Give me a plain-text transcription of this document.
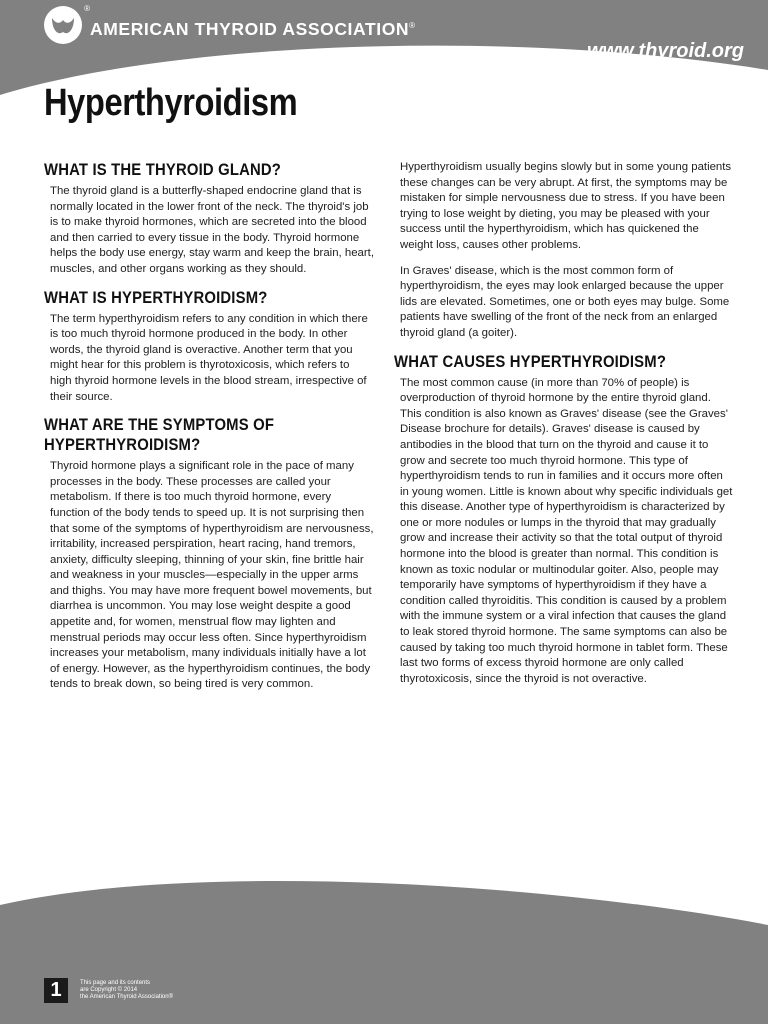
®
AMERICAN THYROID ASSOCIATION®
www.thyroid.org
Hyperthyroidism
WHAT IS THE THYROID GLAND?

The thyroid gland is a butterfly-shaped endocrine gland that is normally located in the lower front of the neck. The thyroid's job is to make thyroid hormones, which are secreted into the blood and then carried to every tissue in the body. Thyroid hormone helps the body use energy, stay warm and keep the brain, heart, muscles, and other organs working as they should.

WHAT IS HYPERTHYROIDISM?

The term hyperthyroidism refers to any condition in which there is too much thyroid hormone produced in the body. In other words, the thyroid gland is overactive. Another term that you might hear for this problem is thyrotoxicosis, which refers to high thyroid hormone levels in the blood stream, irrespective of their source.

WHAT ARE THE SYMPTOMS OF HYPERTHYROIDISM?

Thyroid hormone plays a significant role in the pace of many processes in the body. These processes are called your metabolism. If there is too much thyroid hormone, every function of the body tends to speed up. It is not surprising then that some of the symptoms of hyperthyroidism are nervousness, irritability, increased perspiration, heart racing, hand tremors, anxiety, difficulty sleeping, thinning of your skin, fine brittle hair and weakness in your muscles—especially in the upper arms and thighs. You may have more frequent bowel movements, but diarrhea is uncommon. You may lose weight despite a good appetite and, for women, menstrual flow may lighten and menstrual periods may occur less often. Since hyperthyroidism increases your metabolism, many individuals initially have a lot of energy. However, as the hyperthyroidism continues, the body tends to break down, so being tired is very common.

Hyperthyroidism usually begins slowly but in some young patients these changes can be very abrupt. At first, the symptoms may be mistaken for simple nervousness due to stress. If you have been trying to lose weight by dieting, you may be pleased with your success until the hyperthyroidism, which has quickened the weight loss, causes other problems.

In Graves' disease, which is the most common form of hyperthyroidism, the eyes may look enlarged because the upper lids are elevated. Sometimes, one or both eyes may bulge. Some patients have swelling of the front of the neck from an enlarged thyroid gland (a goiter).

WHAT CAUSES HYPERTHYROIDISM?

The most common cause (in more than 70% of people) is overproduction of thyroid hormone by the entire thyroid gland. This condition is also known as Graves' disease (see the Graves' Disease brochure for details). Graves' disease is caused by antibodies in the blood that turn on the thyroid and cause it to grow and secrete too much thyroid hormone. This type of hyperthyroidism tends to run in families and it occurs more often in young women. Little is known about why specific individuals get this disease. Another type of hyperthyroidism is characterized by one or more nodules or lumps in the thyroid that may gradually grow and increase their activity so that the total output of thyroid hormone into the blood is greater than normal. This condition is known as toxic nodular or multinodular goiter. Also, people may temporarily have symptoms of hyperthyroidism if they have a condition called thyroiditis. This condition is caused by a problem with the immune system or a viral infection that causes the gland to leak stored thyroid hormone. The same symptoms can also be caused by taking too much thyroid hormone in tablet form. These last two forms of excess thyroid hormone are only called thyrotoxicosis, since the thyroid is not overactive.

1	This page and its contents
are Copyright © 2014
the American Thyroid Association®
